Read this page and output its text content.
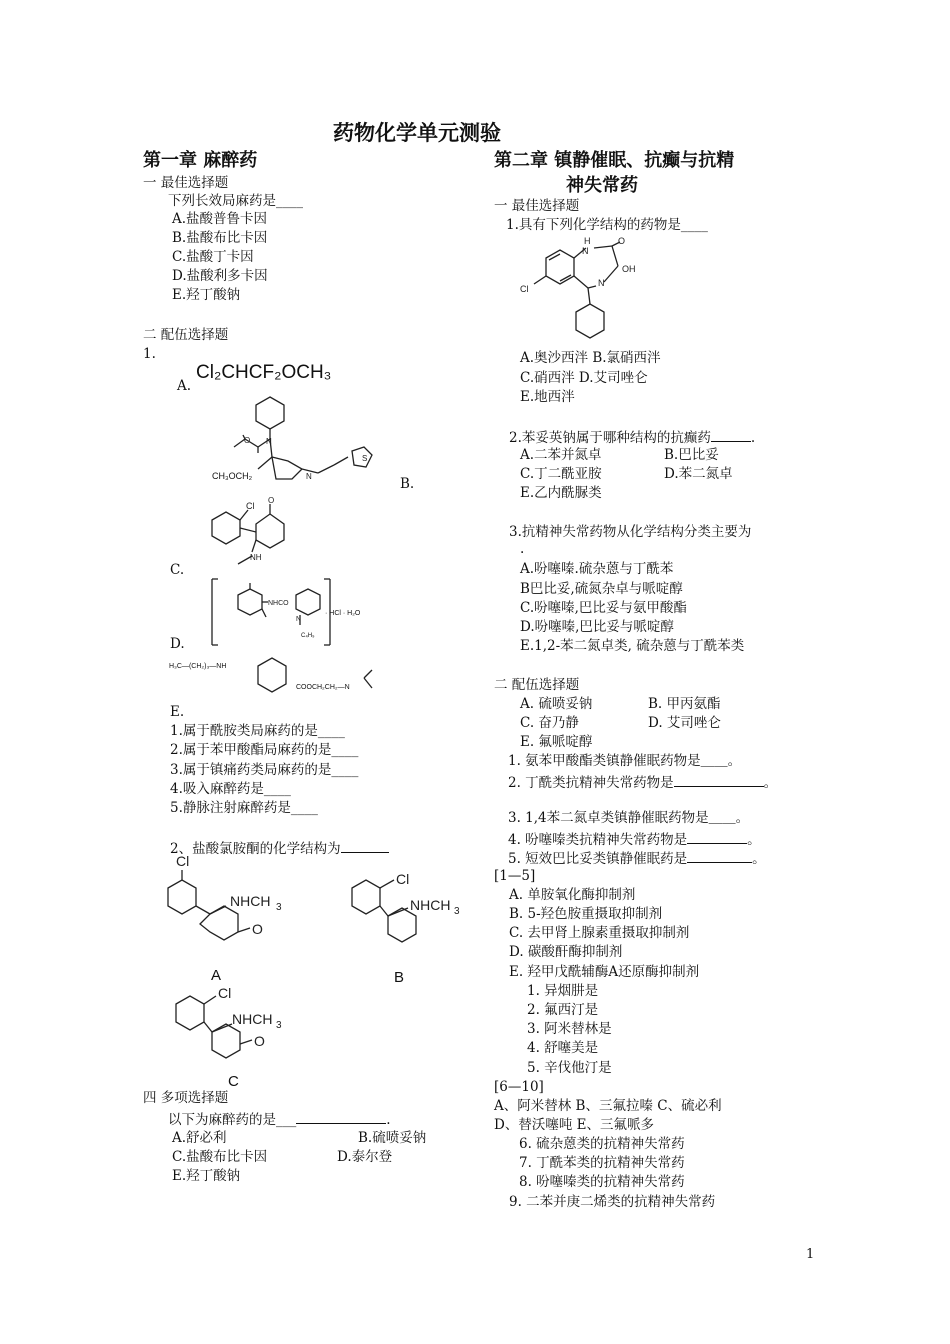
药物化学单元测验
第一章 麻醉药
一 最佳选择题
下列长效局麻药是____
A.盐酸普鲁卡因
B.盐酸布比卡因
C.盐酸丁卡因
D.盐酸利多卡因
E.羟丁酸钠
二 配伍选择题
1.
Cl₂CHCF₂OCH₃
A.
O N
N
S
CH₃OCH₂	B.
Cl
O
NH
C.
NHCO
N
· HCl · H₂O
C₄H₉
D.
H₃C—(CH₂)₃—NH
COOCH₂CH₂—N
E.
1.属于酰胺类局麻药的是____
2.属于苯甲酸酯局麻药的是____
3.属于镇痛药类局麻药的是____
4.吸入麻醉药是____
5.静脉注射麻醉药是____
2、盐酸氯胺酮的化学结构为
Cl
NHCH 3
O
A
Cl
NHCH 3
B
Cl
NHCH 3
O
C
四 多项选择题
以下为麻醉药的是___	.
A.舒必利	B.硫喷妥钠
C.盐酸布比卡因	D.泰尔登
E.羟丁酸钠
第二章 镇静催眠、抗癫与抗精
神失常药
一 最佳选择题
1.具有下列化学结构的药物是____
H
N
O
OH
N
Cl
A.奥沙西泮 B.氯硝西泮
C.硝西泮 D.艾司唑仑
E.地西泮
2.苯妥英钠属于哪种结构的抗癫药	.
A.二苯并氮卓	B.巴比妥
C.丁二酰亚胺	D.苯二氮卓
E.乙内酰脲类
3.抗精神失常药物从化学结构分类主要为
.
A.吩噻嗪.硫杂蒽与丁酰苯
B巴比妥,硫氮杂卓与哌啶醇
C.吩噻嗪,巴比妥与氨甲酸酯
D.吩噻嗪,巴比妥与哌啶醇
E.1,2-苯二氮卓类, 硫杂蒽与丁酰苯类
二 配伍选择题
A. 硫喷妥钠	B. 甲丙氨酯
C. 奋乃静	D. 艾司唑仑
E. 氟哌啶醇
1. 氨苯甲酸酯类镇静催眠药物是＿＿。
2. 丁酰类抗精神失常药物是	。
3. 1,4苯二氮卓类镇静催眠药物是＿＿。
4. 吩噻嗪类抗精神失常药物是	。
5. 短效巴比妥类镇静催眠药是	。
[1—5]
A. 单胺氧化酶抑制剂
B. 5-羟色胺重摄取抑制剂
C. 去甲肾上腺素重摄取抑制剂
D. 碳酸酐酶抑制剂
E. 羟甲戊酰辅酶A还原酶抑制剂
1. 异烟肼是
2. 氟西汀是
3. 阿米替林是
4. 舒噻美是
5. 辛伐他汀是
[6—10]
A、阿米替林 B、三氟拉嗪 C、硫必利
D、替沃噻吨 E、三氟哌多
6. 硫杂蒽类的抗精神失常药
7. 丁酰苯类的抗精神失常药
8. 吩噻嗪类的抗精神失常药
9. 二苯并庚二烯类的抗精神失常药
1
